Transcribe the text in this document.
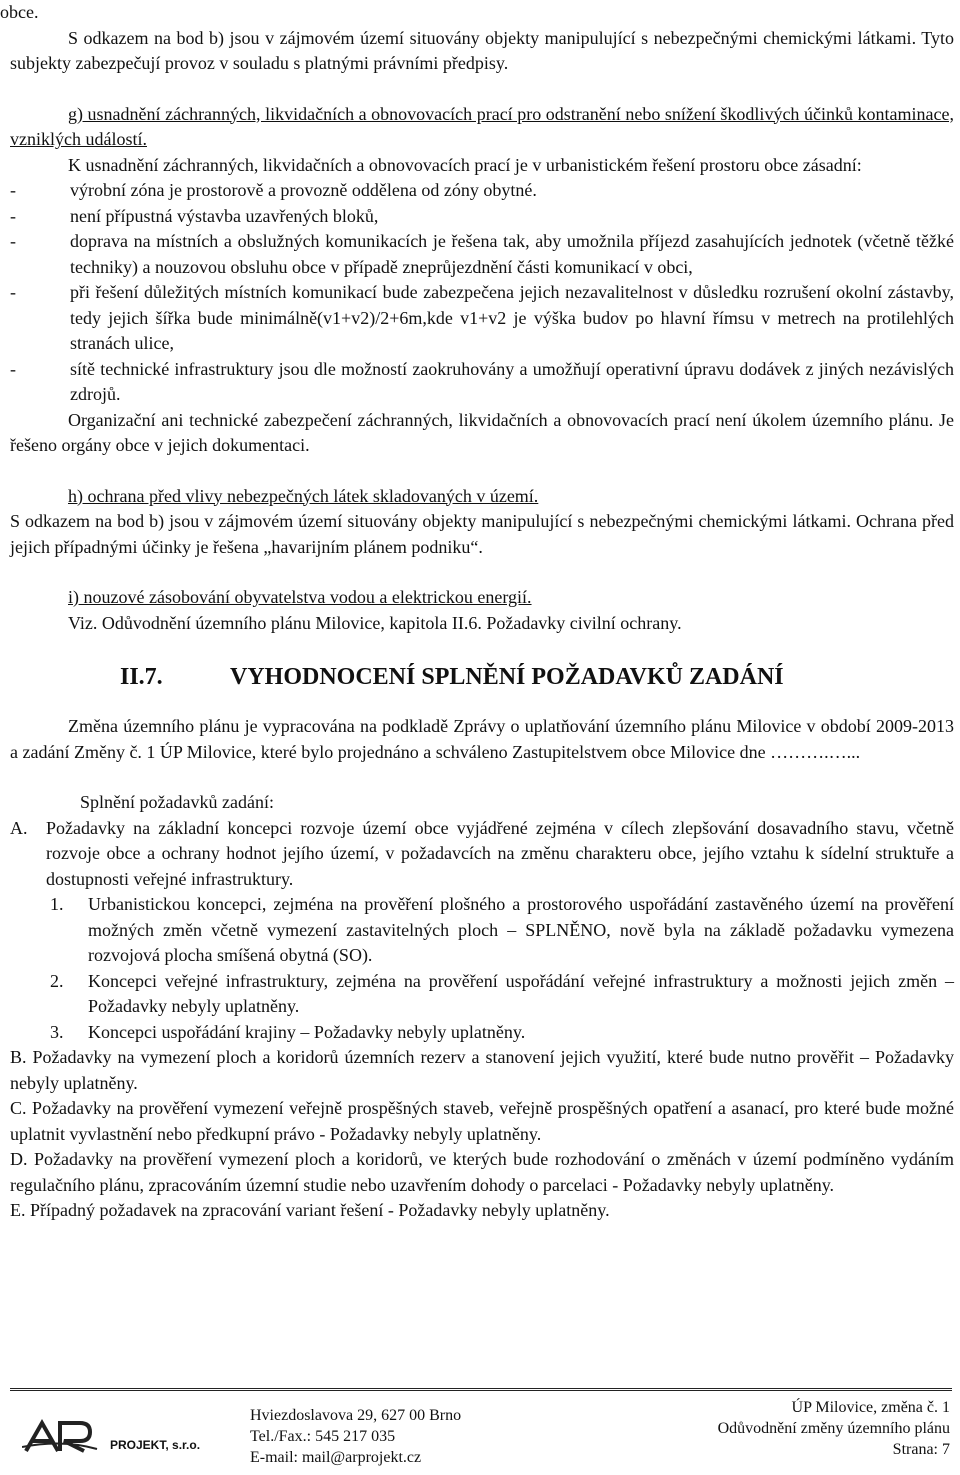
obce.

S odkazem na bod b) jsou v zájmovém území situovány objekty manipulující s nebezpečnými chemickými látkami. Tyto subjekty zabezpečují provoz v souladu s platnými právními předpisy.

g) usnadnění záchranných, likvidačních a obnovovacích prací pro odstranění nebo snížení škodlivých účinků kontaminace, vzniklých událostí.

K usnadnění záchranných, likvidačních a obnovovacích prací je v urbanistickém řešení prostoru obce zásadní:

-	výrobní zóna je prostorově a provozně oddělena od zóny obytné.
-	není přípustná výstavba uzavřených bloků,
-	doprava na místních a obslužných komunikacích je řešena tak, aby umožnila příjezd zasahujících jednotek (včetně těžké techniky) a nouzovou obsluhu obce v případě zneprůjezdnění části komunikací v obci,
-	při řešení důležitých místních komunikací bude zabezpečena jejich nezavalitelnost v důsledku rozrušení okolní zástavby, tedy jejich šířka bude minimálně(v1+v2)/2+6m,kde v1+v2 je výška budov po hlavní římsu v metrech na protilehlých stranách ulice,
-	sítě technické infrastruktury jsou dle možností zaokruhovány a umožňují operativní úpravu dodávek z jiných nezávislých zdrojů.

Organizační ani technické zabezpečení záchranných, likvidačních a obnovovacích prací není úkolem územního plánu. Je řešeno orgány obce v jejich dokumentaci.

h) ochrana před vlivy nebezpečných látek skladovaných v území.

S odkazem na bod b) jsou v zájmovém území situovány objekty manipulující s nebezpečnými chemickými látkami. Ochrana před jejich případnými účinky je řešena „havarijním plánem podniku“.

i) nouzové zásobování obyvatelstva vodou a elektrickou energií.

Viz. Odůvodnění územního plánu Milovice, kapitola II.6. Požadavky civilní ochrany.

II.7.	VYHODNOCENÍ SPLNĚNÍ POŽADAVKŮ ZADÁNÍ

Změna územního plánu je vypracována na podkladě Zprávy o uplatňování územního plánu Milovice v období 2009-2013 a zadání Změny č. 1 ÚP Milovice, které bylo projednáno a schváleno Zastupitelstvem obce Milovice dne ……….…...

Splnění požadavků zadání:

A. Požadavky na základní koncepci rozvoje území obce vyjádřené zejména v cílech zlepšování dosavadního stavu, včetně rozvoje obce a ochrany hodnot jejího území, v požadavcích na změnu charakteru obce, jejího vztahu k sídelní struktuře a dostupnosti veřejné infrastruktury.
1. Urbanistickou koncepci, zejména na prověření plošného a prostorového uspořádání zastavěného území na prověření možných změn včetně vymezení zastavitelných ploch – SPLNĚNO, nově byla na základě požadavku vymezena rozvojová plocha smíšená obytná (SO).
2. Koncepci veřejné infrastruktury, zejména na prověření uspořádání veřejné infrastruktury a možnosti jejich změn – Požadavky nebyly uplatněny.
3. Koncepci uspořádání krajiny – Požadavky nebyly uplatněny.

B. Požadavky na vymezení ploch a koridorů územních rezerv a stanovení jejich využití, které bude nutno prověřit – Požadavky nebyly uplatněny.

C. Požadavky na prověření vymezení veřejně prospěšných staveb, veřejně prospěšných opatření a asanací, pro které bude možné uplatnit vyvlastnění nebo předkupní právo - Požadavky nebyly uplatněny.

D. Požadavky na prověření vymezení ploch a koridorů, ve kterých bude rozhodování o změnách v území podmíněno vydáním regulačního plánu, zpracováním územní studie nebo uzavřením dohody o parcelaci - Požadavky nebyly uplatněny.

E. Případný požadavek na zpracování variant řešení - Požadavky nebyly uplatněny.

PROJEKT, s.r.o.
Hviezdoslavova 29, 627 00 Brno
Tel./Fax.: 545 217 035
E-mail: mail@arprojekt.cz
ÚP Milovice, změna č. 1
Odůvodnění změny územního plánu
Strana: 7
